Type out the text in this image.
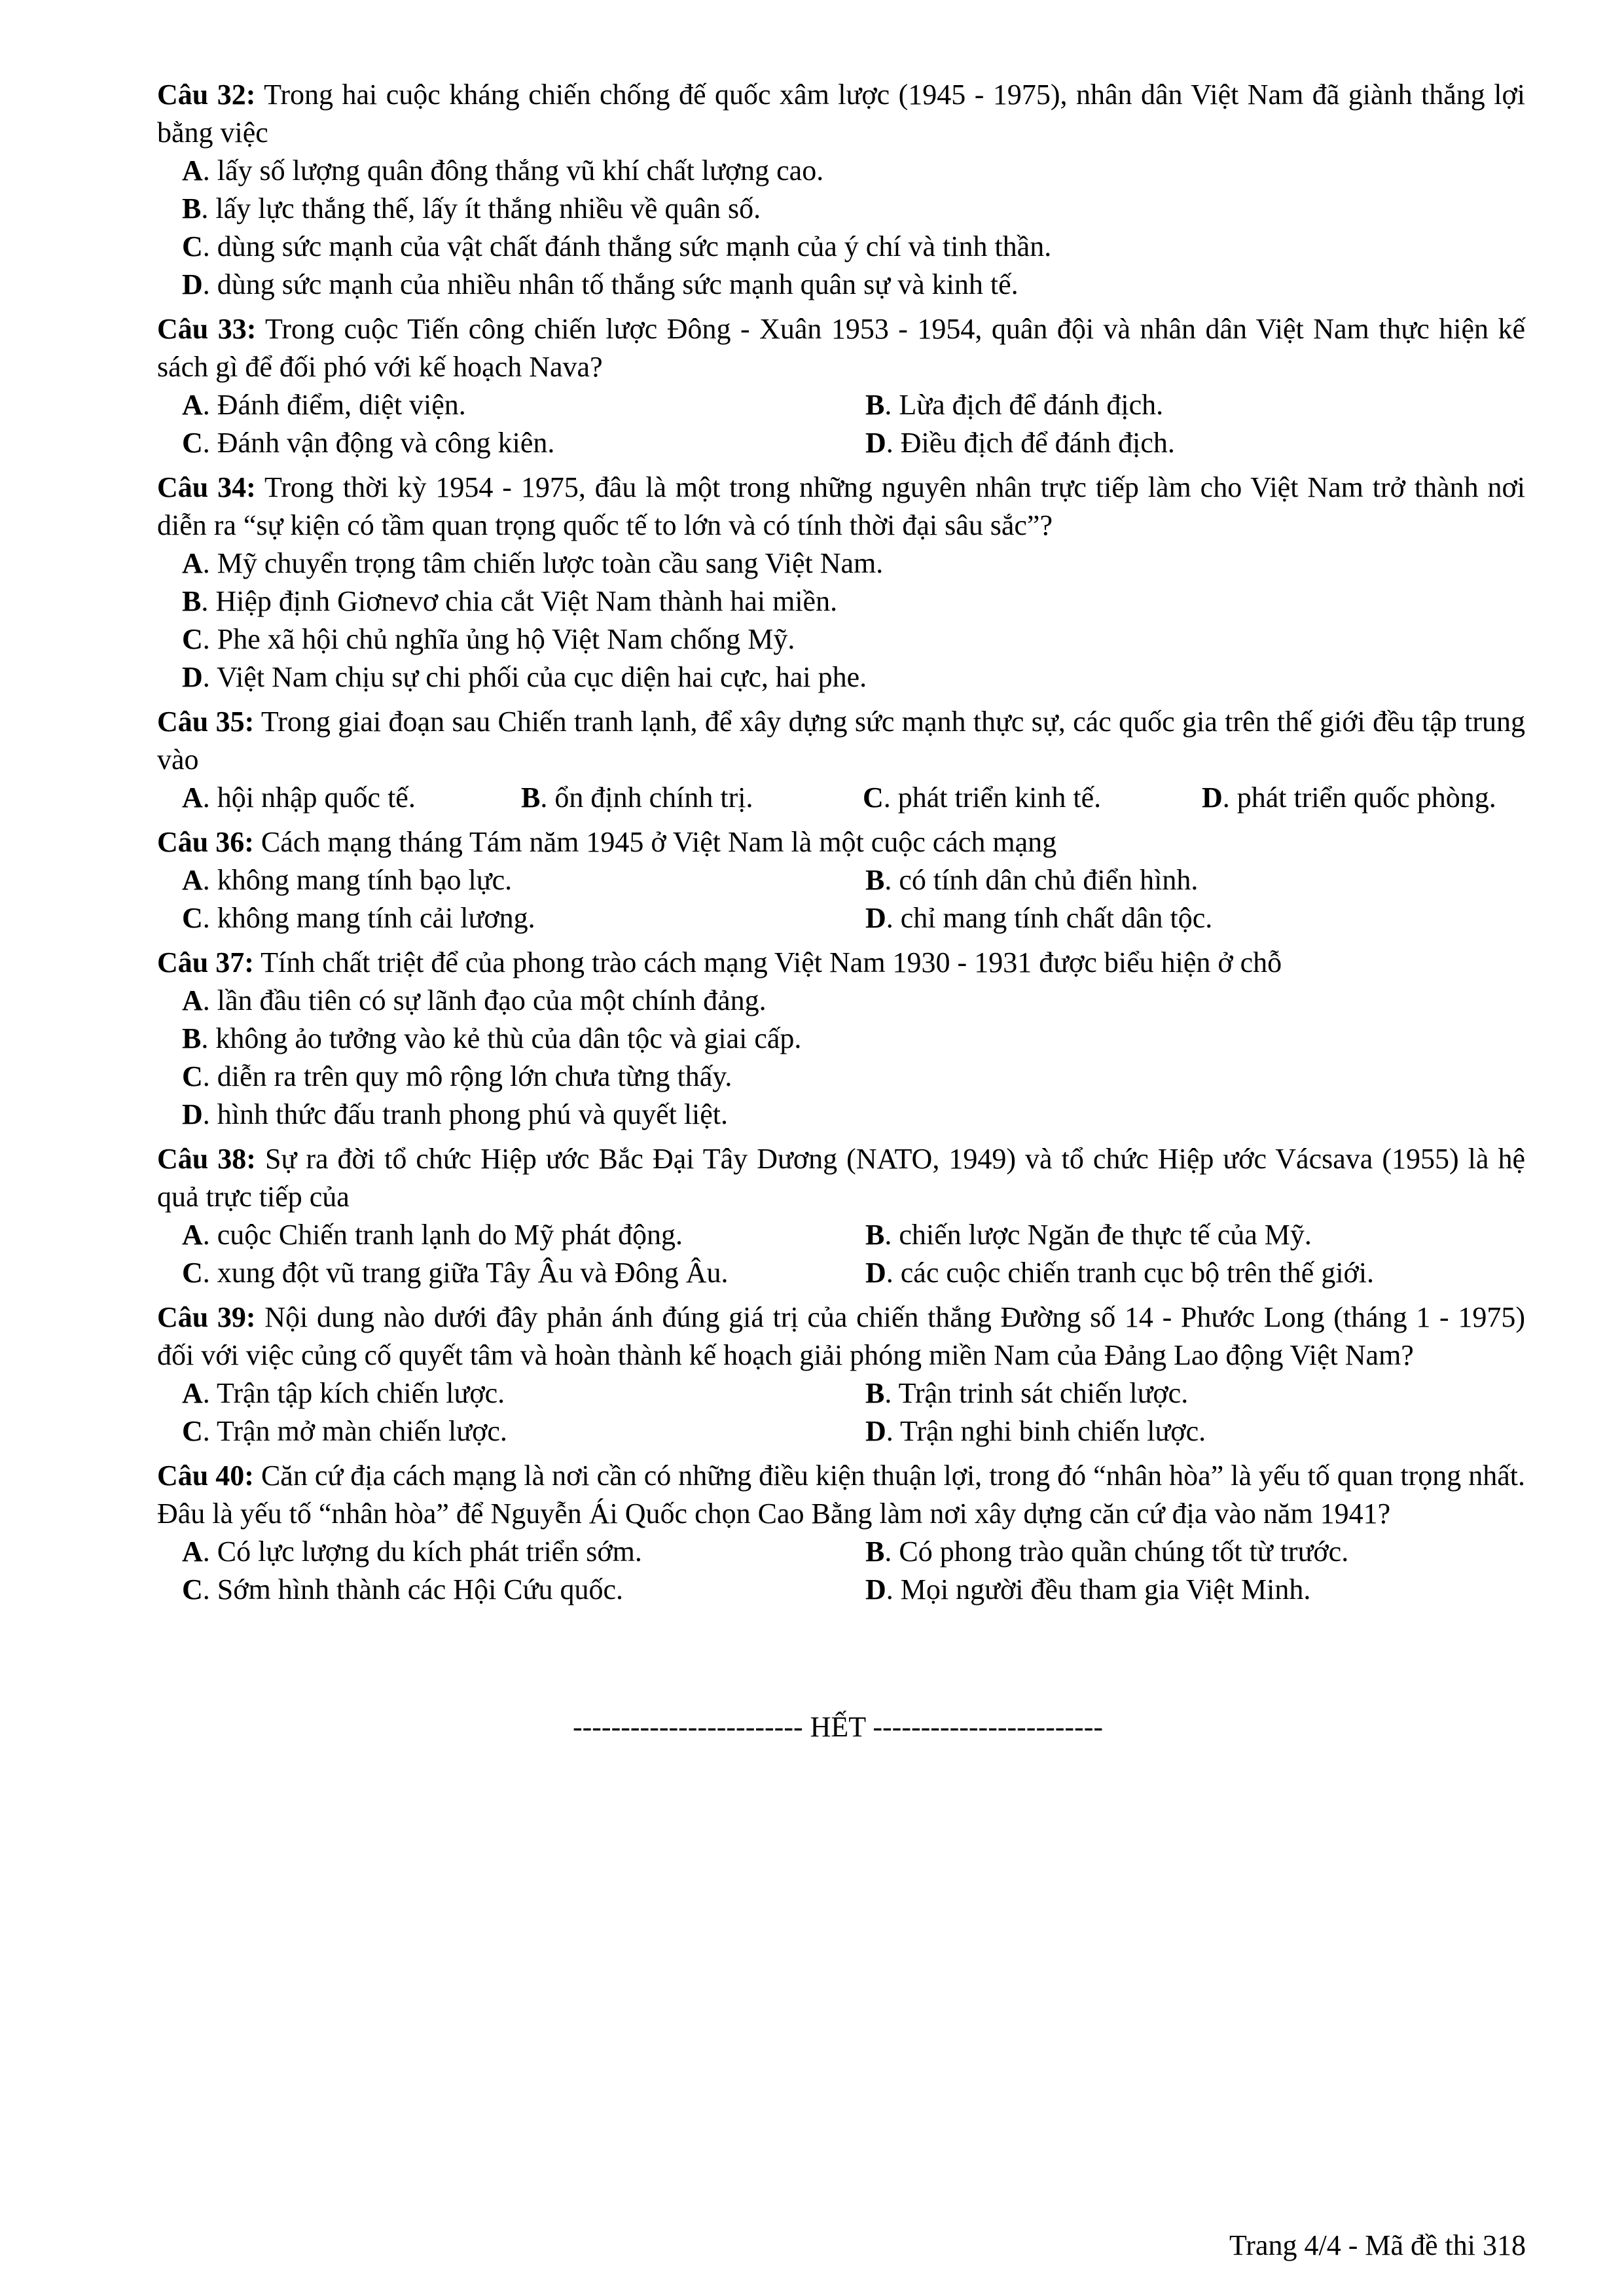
Câu 32: Trong hai cuộc kháng chiến chống đế quốc xâm lược (1945 - 1975), nhân dân Việt Nam đã giành thắng lợi bằng việc
A. lấy số lượng quân đông thắng vũ khí chất lượng cao.
B. lấy lực thắng thế, lấy ít thắng nhiều về quân số.
C. dùng sức mạnh của vật chất đánh thắng sức mạnh của ý chí và tinh thần.
D. dùng sức mạnh của nhiều nhân tố thắng sức mạnh quân sự và kinh tế.
Câu 33: Trong cuộc Tiến công chiến lược Đông - Xuân 1953 - 1954, quân đội và nhân dân Việt Nam thực hiện kế sách gì để đối phó với kế hoạch Nava?
A. Đánh điểm, diệt viện.	B. Lừa địch để đánh địch.
C. Đánh vận động và công kiên.	D. Điều địch để đánh địch.
Câu 34: Trong thời kỳ 1954 - 1975, đâu là một trong những nguyên nhân trực tiếp làm cho Việt Nam trở thành nơi diễn ra “sự kiện có tầm quan trọng quốc tế to lớn và có tính thời đại sâu sắc”?
A. Mỹ chuyển trọng tâm chiến lược toàn cầu sang Việt Nam.
B. Hiệp định Giơnevơ chia cắt Việt Nam thành hai miền.
C. Phe xã hội chủ nghĩa ủng hộ Việt Nam chống Mỹ.
D. Việt Nam chịu sự chi phối của cục diện hai cực, hai phe.
Câu 35: Trong giai đoạn sau Chiến tranh lạnh, để xây dựng sức mạnh thực sự, các quốc gia trên thế giới đều tập trung vào
A. hội nhập quốc tế.	B. ổn định chính trị.	C. phát triển kinh tế.	D. phát triển quốc phòng.
Câu 36: Cách mạng tháng Tám năm 1945 ở Việt Nam là một cuộc cách mạng
A. không mang tính bạo lực.	B. có tính dân chủ điển hình.
C. không mang tính cải lương.	D. chỉ mang tính chất dân tộc.
Câu 37: Tính chất triệt để của phong trào cách mạng Việt Nam 1930 - 1931 được biểu hiện ở chỗ
A. lần đầu tiên có sự lãnh đạo của một chính đảng.
B. không ảo tưởng vào kẻ thù của dân tộc và giai cấp.
C. diễn ra trên quy mô rộng lớn chưa từng thấy.
D. hình thức đấu tranh phong phú và quyết liệt.
Câu 38: Sự ra đời tổ chức Hiệp ước Bắc Đại Tây Dương (NATO, 1949) và tổ chức Hiệp ước Vácsava (1955) là hệ quả trực tiếp của
A. cuộc Chiến tranh lạnh do Mỹ phát động.	B. chiến lược Ngăn đe thực tế của Mỹ.
C. xung đột vũ trang giữa Tây Âu và Đông Âu.	D. các cuộc chiến tranh cục bộ trên thế giới.
Câu 39: Nội dung nào dưới đây phản ánh đúng giá trị của chiến thắng Đường số 14 - Phước Long (tháng 1 - 1975) đối với việc củng cố quyết tâm và hoàn thành kế hoạch giải phóng miền Nam của Đảng Lao động Việt Nam?
A. Trận tập kích chiến lược.	B. Trận trinh sát chiến lược.
C. Trận mở màn chiến lược.	D. Trận nghi binh chiến lược.
Câu 40: Căn cứ địa cách mạng là nơi cần có những điều kiện thuận lợi, trong đó “nhân hòa” là yếu tố quan trọng nhất. Đâu là yếu tố “nhân hòa” để Nguyễn Ái Quốc chọn Cao Bằng làm nơi xây dựng căn cứ địa vào năm 1941?
A. Có lực lượng du kích phát triển sớm.	B. Có phong trào quần chúng tốt từ trước.
C. Sớm hình thành các Hội Cứu quốc.	D. Mọi người đều tham gia Việt Minh.
------------------------ HẾT ------------------------
Trang 4/4 - Mã đề thi 318
